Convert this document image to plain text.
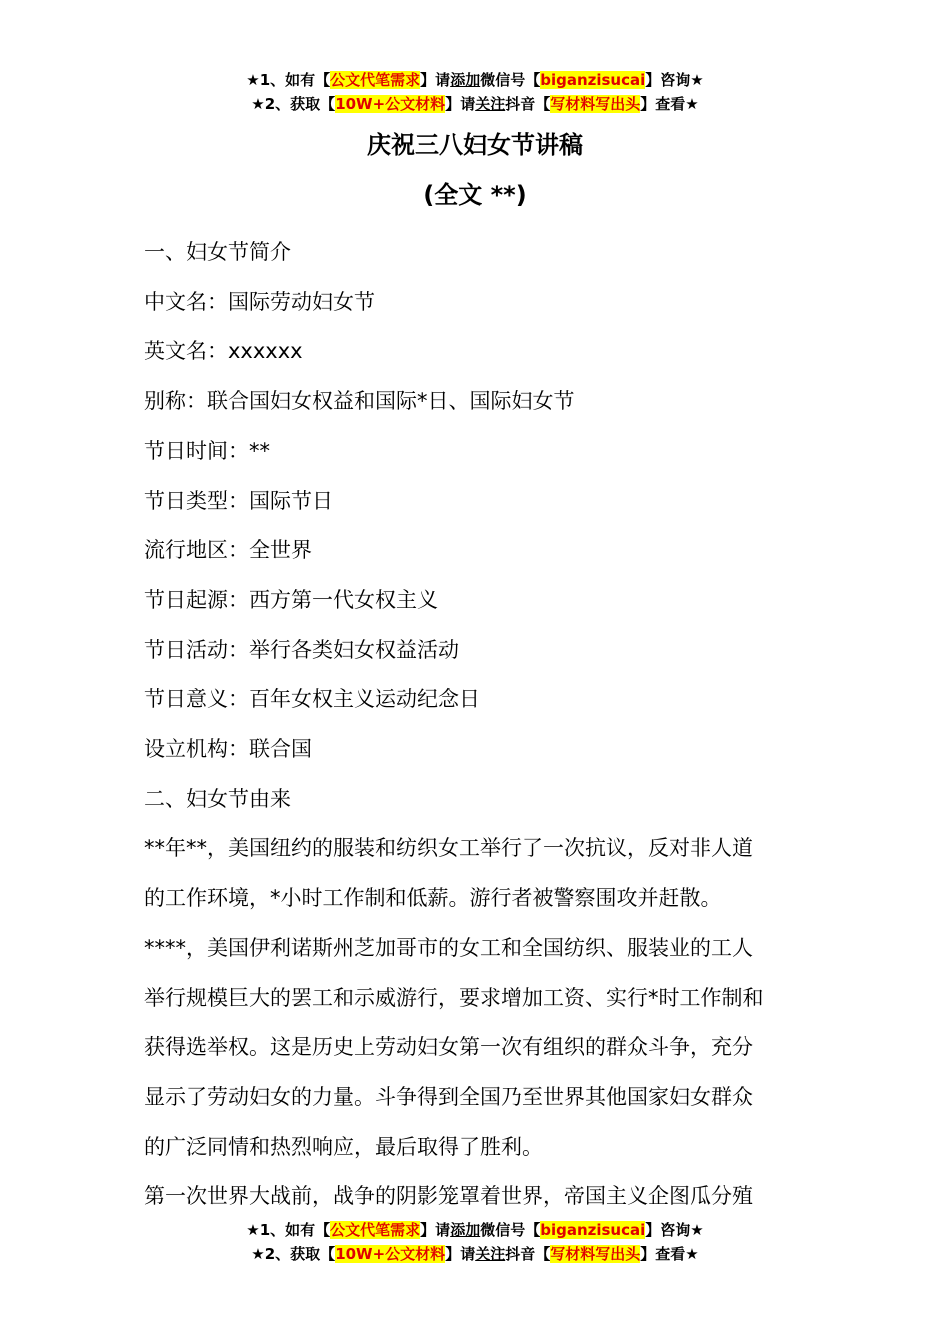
★1、如有【公文代笔需求】请添加微信号【biganzisucai】咨询★
★2、获取【10W+公文材料】请关注抖音【写材料写出头】查看★
庆祝三八妇女节讲稿
(全文 **)

一、妇女节简介

中文名：国际劳动妇女节

英文名：xxxxxx

别称：联合国妇女权益和国际*日、国际妇女节

节日时间：**

节日类型：国际节日

流行地区：全世界

节日起源：西方第一代女权主义

节日活动：举行各类妇女权益活动

节日意义：百年女权主义运动纪念日

设立机构：联合国

二、妇女节由来

**年**，美国纽约的服装和纺织女工举行了一次抗议，反对非人道

的工作环境，*小时工作制和低薪。游行者被警察围攻并赶散。

****，美国伊利诺斯州芝加哥市的女工和全国纺织、服装业的工人

举行规模巨大的罢工和示威游行，要求增加工资、实行*时工作制和

获得选举权。这是历史上劳动妇女第一次有组织的群众斗争，充分

显示了劳动妇女的力量。斗争得到全国乃至世界其他国家妇女群众

的广泛同情和热烈响应，最后取得了胜利。

第一次世界大战前，战争的阴影笼罩着世界，帝国主义企图瓜分殖

★1、如有【公文代笔需求】请添加微信号【biganzisucai】咨询★
★2、获取【10W+公文材料】请关注抖音【写材料写出头】查看★
